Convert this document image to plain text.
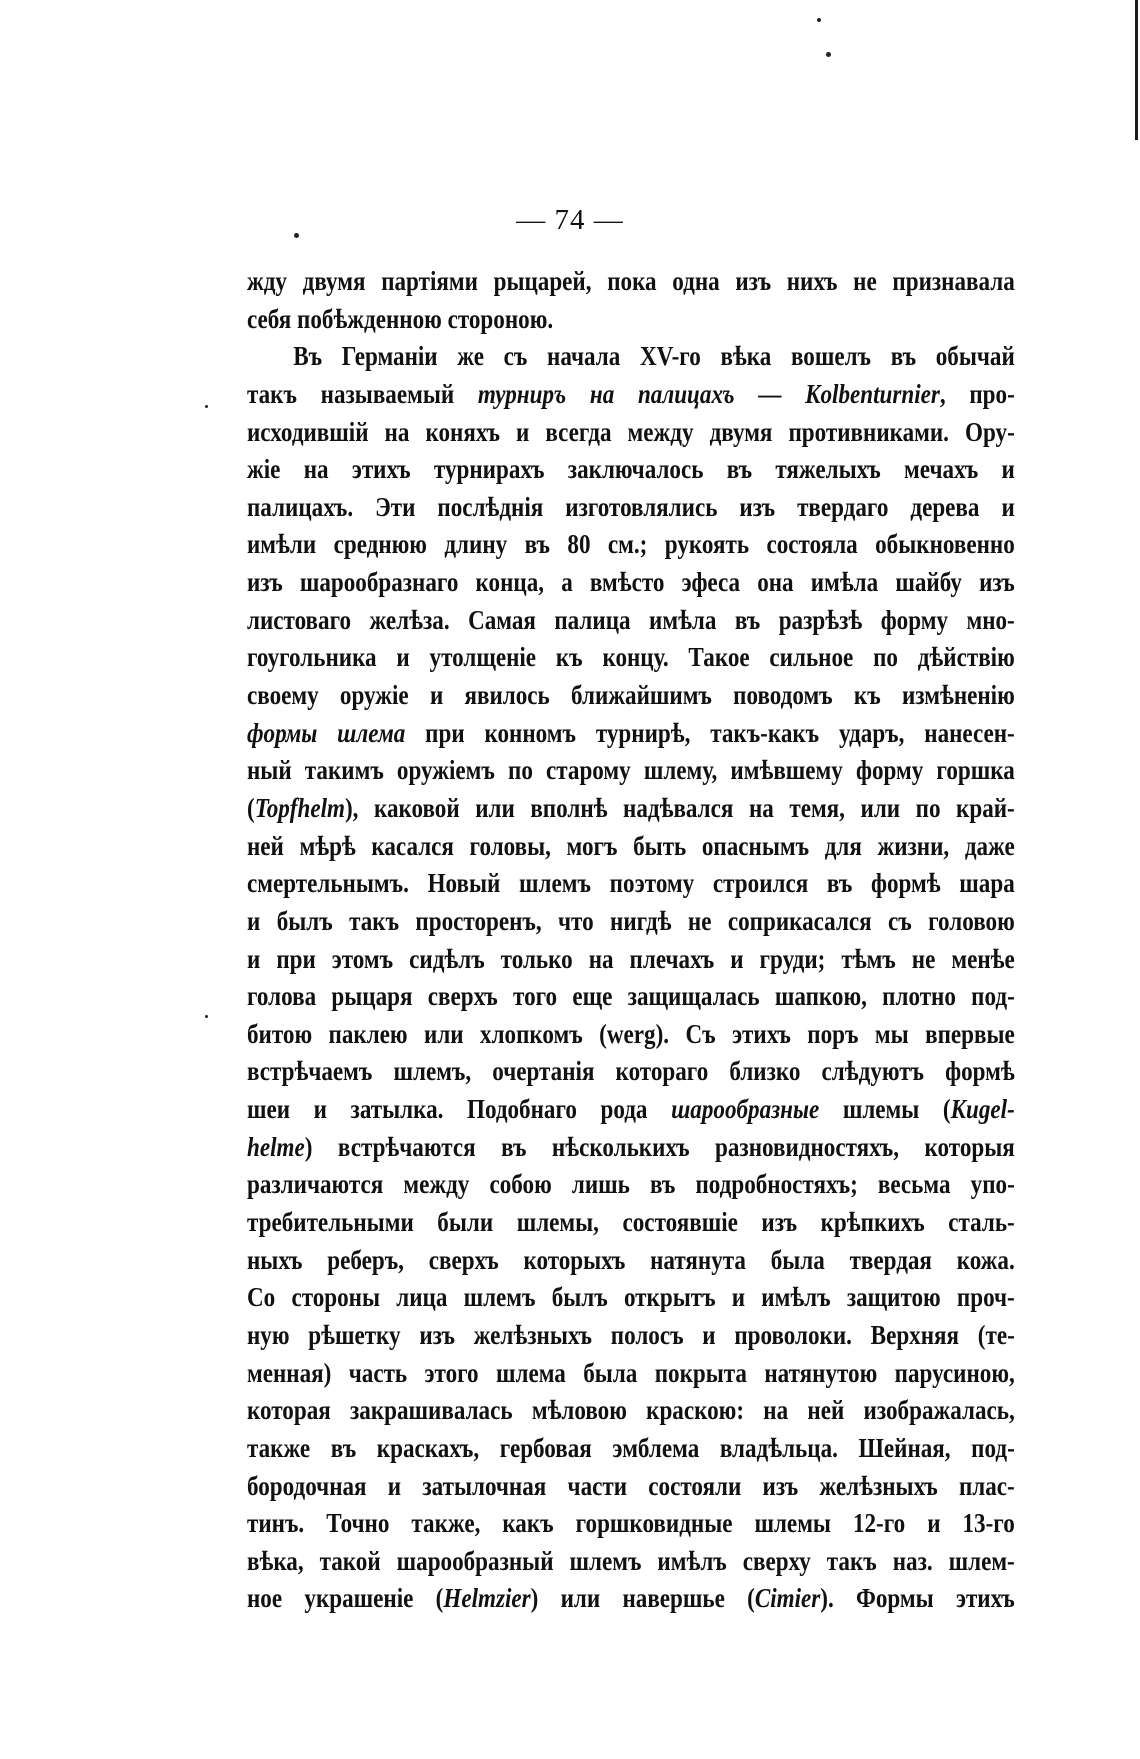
— 74 —
жду двумя партіями рыцарей, пока одна изъ нихъ не признавала
себя побѣжденною стороною.
Въ Германіи же съ начала XV-го вѣка вошелъ въ обычай
такъ называемый турниръ на палицахъ — Kolbenturnier, про-
исходившій на коняхъ и всегда между двумя противниками. Ору-
жіе на этихъ турнирахъ заключалось въ тяжелыхъ мечахъ и
палицахъ. Эти послѣднія изготовлялись изъ твердаго дерева и
имѣли среднюю длину въ 80 см.; рукоять состояла обыкновенно
изъ шарообразнаго конца, а вмѣсто эфеса она имѣла шайбу изъ
листоваго желѣза. Самая палица имѣла въ разрѣзѣ форму мно-
гоугольника и утолщеніе къ концу. Такое сильное по дѣйствію
своему оружіе и явилось ближайшимъ поводомъ къ измѣненію
формы шлема при конномъ турнирѣ, такъ-какъ ударъ, нанесен-
ный такимъ оружіемъ по старому шлему, имѣвшему форму горшка
(Topfhelm), каковой или вполнѣ надѣвался на темя, или по край-
ней мѣрѣ касался головы, могъ быть опаснымъ для жизни, даже
смертельнымъ. Новый шлемъ поэтому строился въ формѣ шара
и былъ такъ просторенъ, что нигдѣ не соприкасался съ головою
и при этомъ сидѣлъ только на плечахъ и груди; тѣмъ не менѣе
голова рыцаря сверхъ того еще защищалась шапкою, плотно под-
битою паклею или хлопкомъ (werg). Съ этихъ поръ мы впервые
встрѣчаемъ шлемъ, очертанія котораго близко слѣдуютъ формѣ
шеи и затылка. Подобнаго рода шарообразные шлемы (Kugel-
helme) встрѣчаются въ нѣсколькихъ разновидностяхъ, которыя
различаются между собою лишь въ подробностяхъ; весьма упо-
требительными были шлемы, состоявшіе изъ крѣпкихъ сталь-
ныхъ реберъ, сверхъ которыхъ натянута была твердая кожа.
Со стороны лица шлемъ былъ открытъ и имѣлъ защитою проч-
ную рѣшетку изъ желѣзныхъ полосъ и проволоки. Верхняя (те-
менная) часть этого шлема была покрыта натянутою парусиною,
которая закрашивалась мѣловою краскою: на ней изображалась,
также въ краскахъ, гербовая эмблема владѣльца. Шейная, под-
бородочная и затылочная части состояли изъ желѣзныхъ плас-
тинъ. Точно также, какъ горшковидные шлемы 12-го и 13-го
вѣка, такой шарообразный шлемъ имѣлъ сверху такъ наз. шлем-
ное украшеніе (Helmzier) или навершье (Cimier). Формы этихъ
